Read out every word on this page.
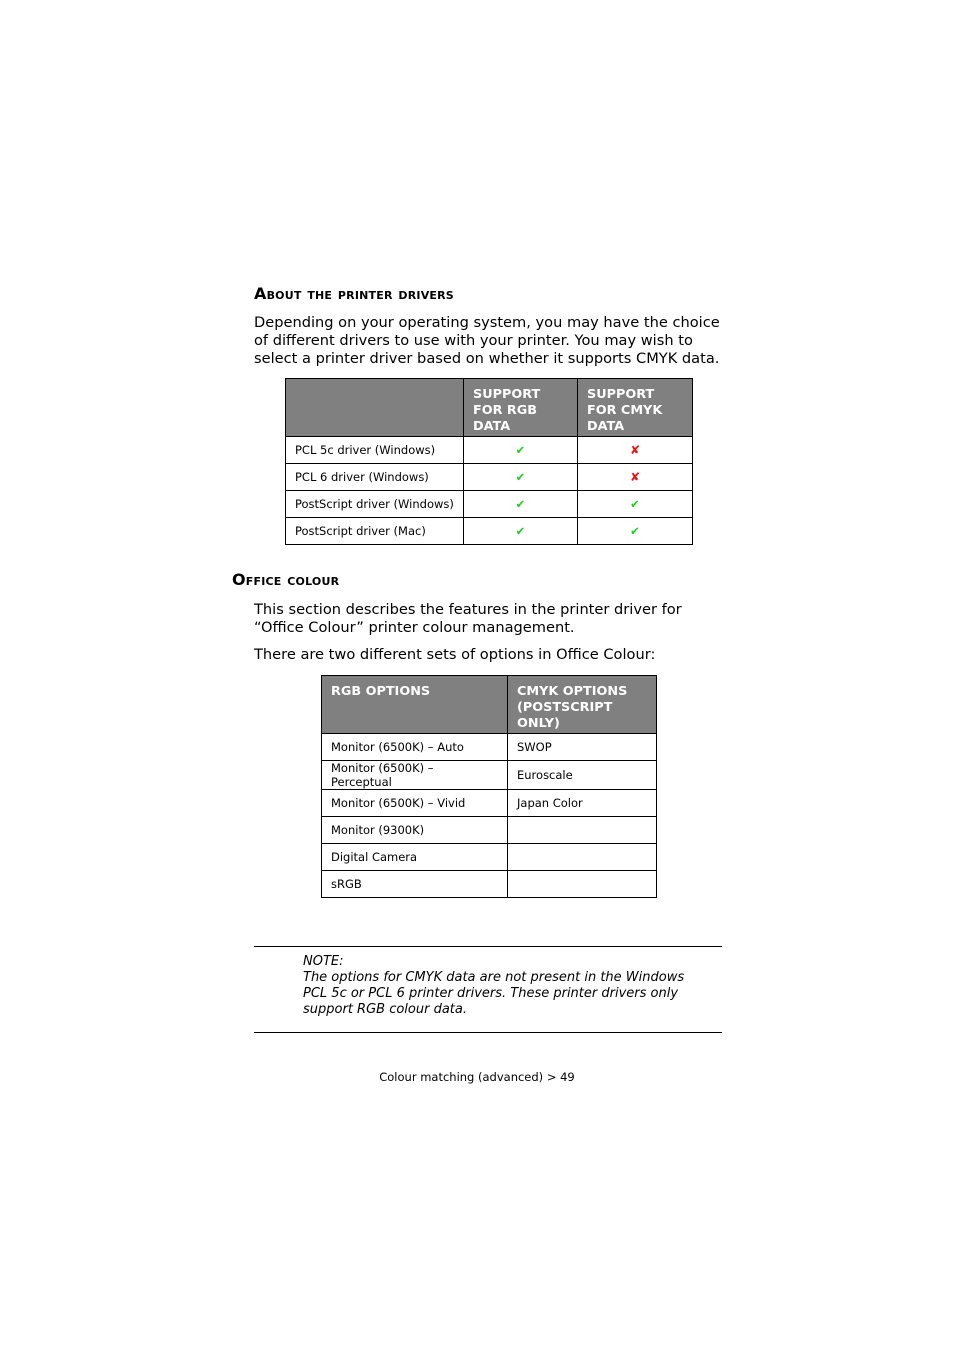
About the printer drivers

Depending on your operating system, you may have the choice of different drivers to use with your printer. You may wish to select a printer driver based on whether it supports CMYK data.

	SUPPORT FOR RGB DATA	SUPPORT FOR CMYK DATA
PCL 5c driver (Windows)	✔	✘
PCL 6 driver (Windows)	✔	✘
PostScript driver (Windows)	✔	✔
PostScript driver (Mac)	✔	✔
Office colour

This section describes the features in the printer driver for “Office Colour” printer colour management.

There are two different sets of options in Office Colour:

RGB OPTIONS	CMYK OPTIONS (POSTSCRIPT ONLY)
Monitor (6500K) – Auto	SWOP
Monitor (6500K) – Perceptual	Euroscale
Monitor (6500K) – Vivid	Japan Color
Monitor (9300K)	
Digital Camera	
sRGB	
NOTE:
The options for CMYK data are not present in the Windows PCL 5c or PCL 6 printer drivers. These printer drivers only support RGB colour data.
Colour matching (advanced) > 49
